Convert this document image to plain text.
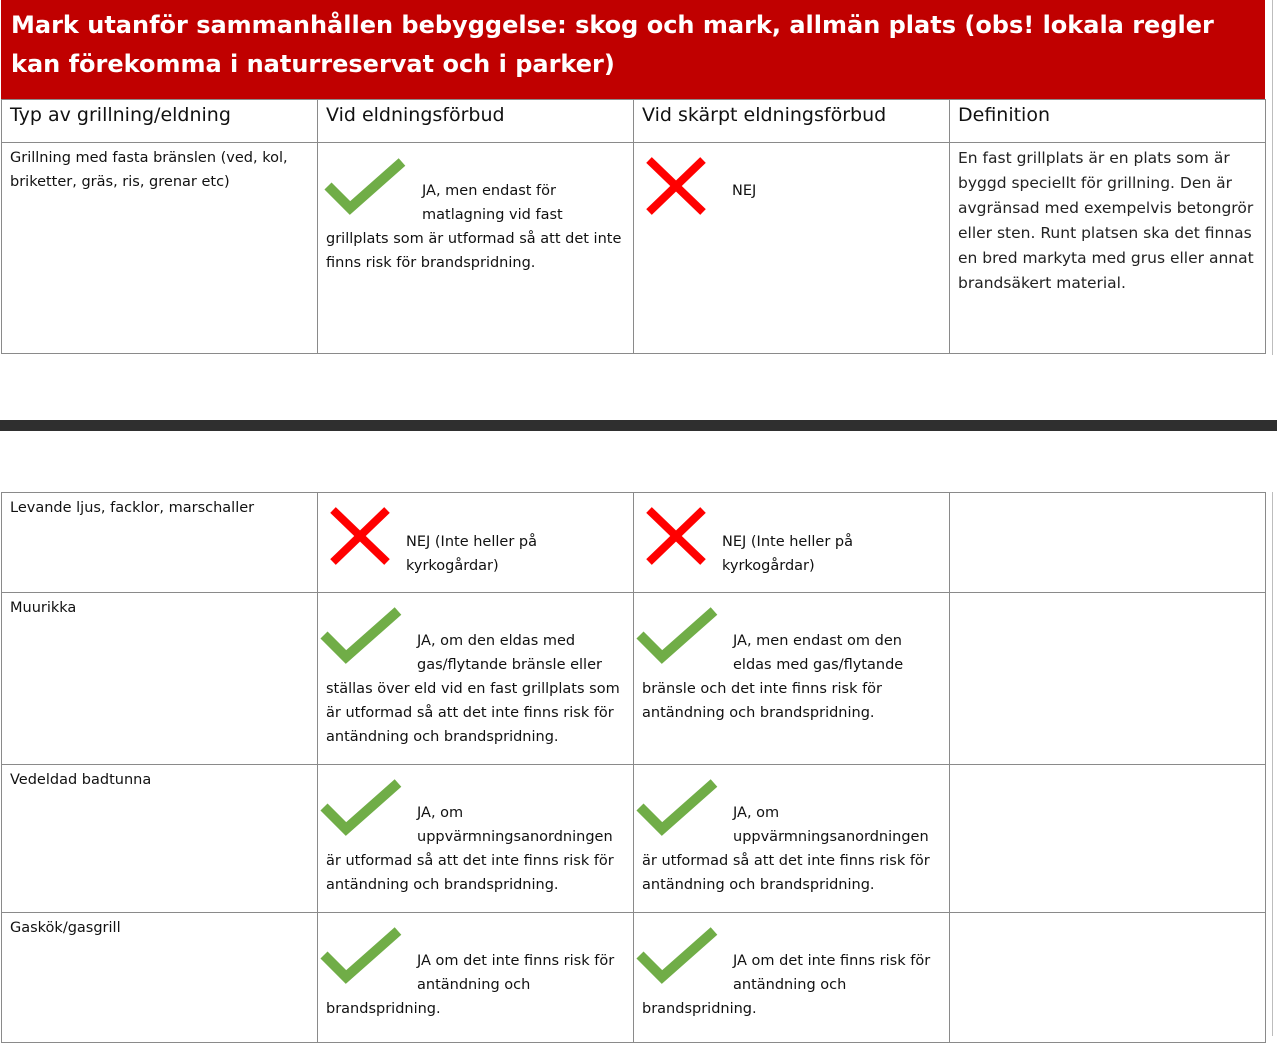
Mark utanför sammanhållen bebyggelse: skog och mark, allmän plats (obs! lokala regler kan förekomma i naturreservat och i parker)
Typ av grillning/eldning	Vid eldningsförbud	Vid skärpt eldningsförbud	Definition
Grillning med fasta bränslen (ved, kol, briketter, gräs, ris, grenar etc)	JA, men endast för matlagning vid fast grillplats som är utformad så att det inte finns risk för brandspridning.	NEJ	En fast grillplats är en plats som är byggd speciellt för grillning. Den är avgränsad med exempelvis betongrör eller sten. Runt platsen ska det finnas en bred markyta med grus eller annat brandsäkert material.
Levande ljus, facklor, marschaller	NEJ (Inte heller på kyrkogårdar)	NEJ (Inte heller på kyrkogårdar)	

Muurikka	JA, om den eldas med gas/flytande bränsle eller ställas över eld vid en fast grillplats som är utformad så att det inte finns risk för antändning och brandspridning.	JA, men endast om den eldas med gas/flytande bränsle och det inte finns risk för antändning och brandspridning.	

Vedeldad badtunna	JA, om uppvärmningsanordningen är utformad så att det inte finns risk för antändning och brandspridning.	JA, om uppvärmningsanordningen är utformad så att det inte finns risk för antändning och brandspridning.	

Gaskök/gasgrill	JA om det inte finns risk för antändning och brandspridning.	JA om det inte finns risk för antändning och brandspridning.	
